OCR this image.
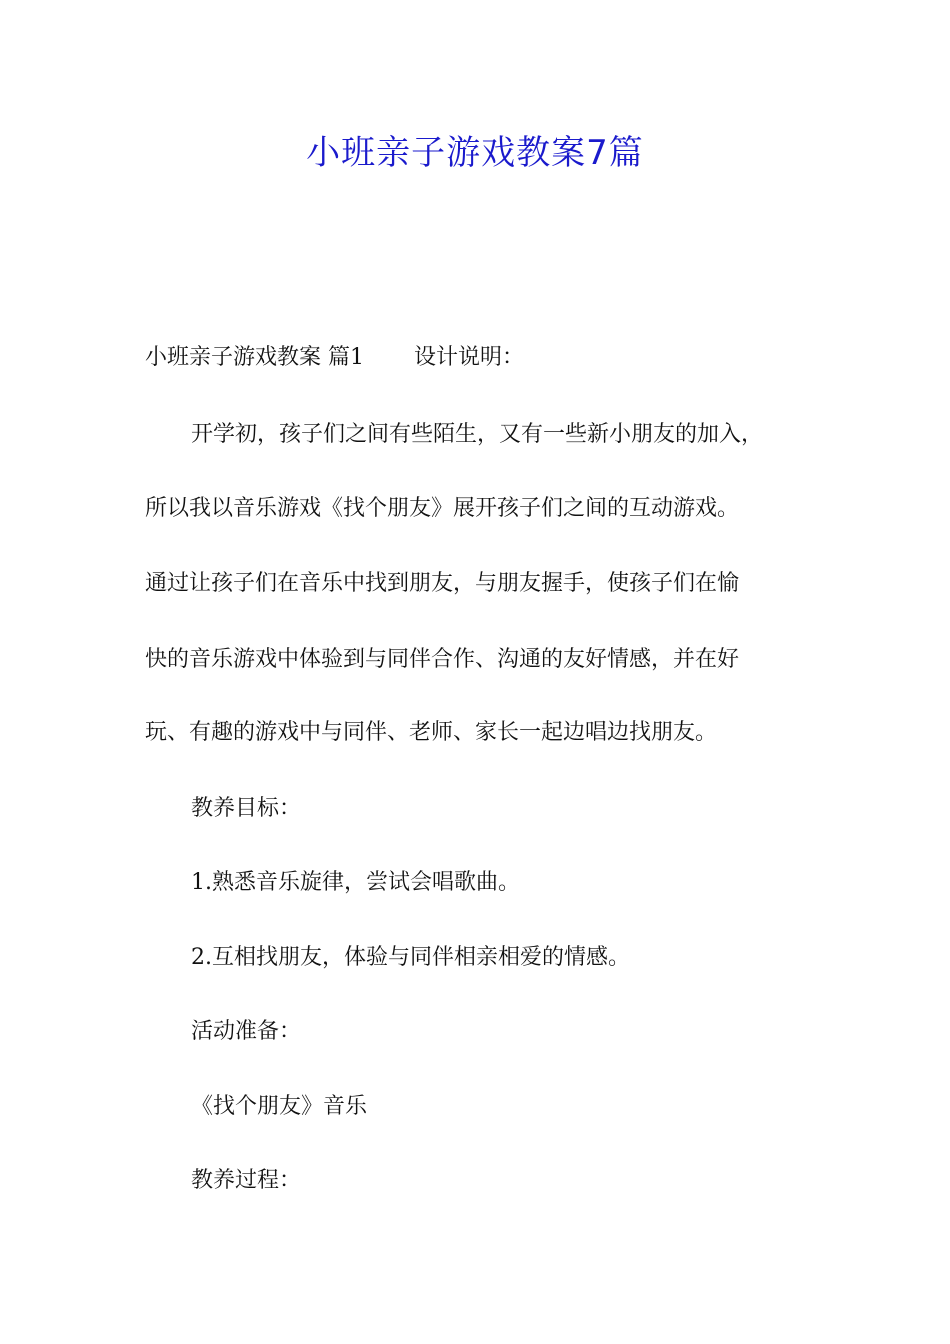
小班亲子游戏教案7篇

小班亲子游戏教案 篇1 设计说明：

开学初，孩子们之间有些陌生，又有一些新小朋友的加入，

所以我以音乐游戏《找个朋友》展开孩子们之间的互动游戏。

通过让孩子们在音乐中找到朋友，与朋友握手，使孩子们在愉

快的音乐游戏中体验到与同伴合作、沟通的友好情感，并在好

玩、有趣的游戏中与同伴、老师、家长一起边唱边找朋友。

教养目标：

1.熟悉音乐旋律，尝试会唱歌曲。

2.互相找朋友，体验与同伴相亲相爱的情感。

活动准备：

《找个朋友》音乐

教养过程：
